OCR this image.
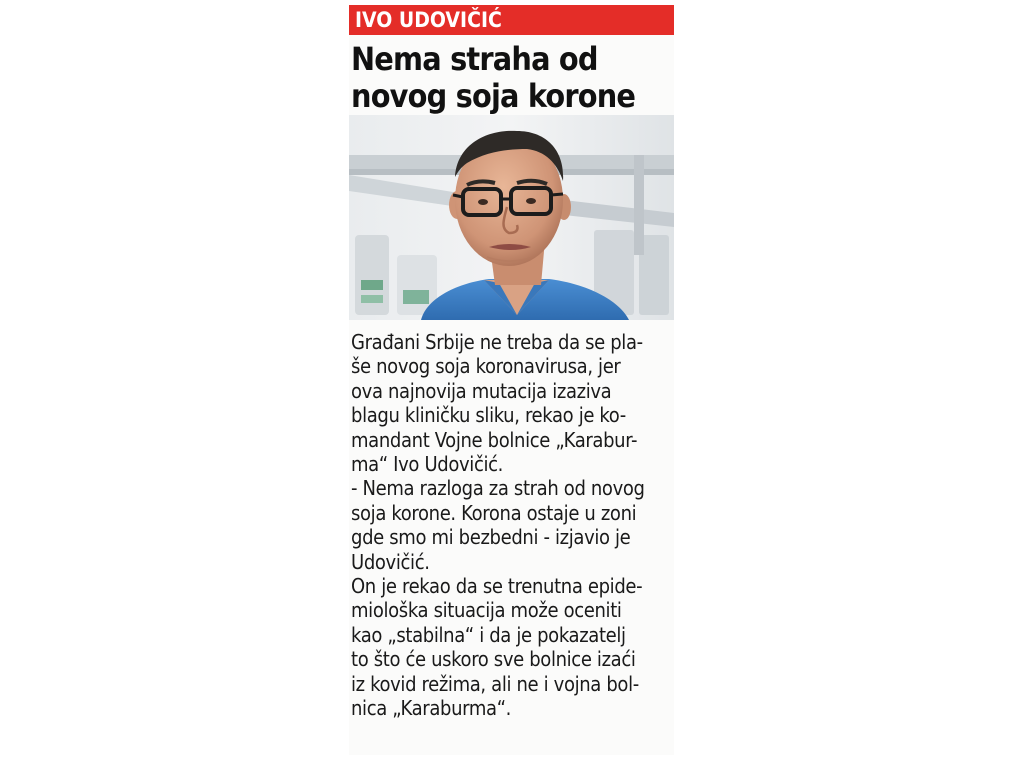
IVO UDOVIČIĆ
Nema straha od
novog soja korone
Građani Srbije ne treba da se pla-
še novog soja koronavirusa, jer
ova najnovija mutacija izaziva
blagu kliničku sliku, rekao je ko-
mandant Vojne bolnice „Karabur-
ma“ Ivo Udovičić.
- Nema razloga za strah od novog
soja korone. Korona ostaje u zoni
gde smo mi bezbedni - izjavio je
Udovičić.
On je rekao da se trenutna epide-
miološka situacija može oceniti
kao „stabilna“ i da je pokazatelj
to što će uskoro sve bolnice izaći
iz kovid režima, ali ne i vojna bol-
nica „Karaburma“.
